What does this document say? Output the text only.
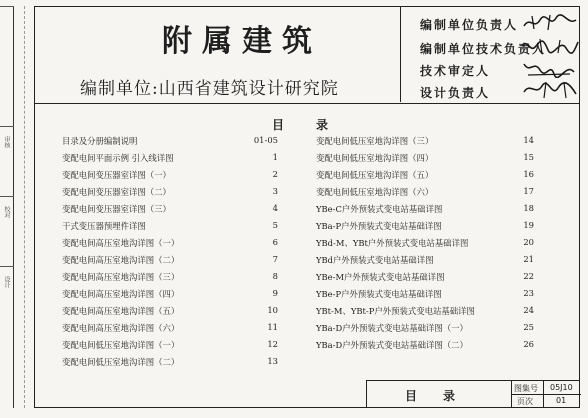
审核
校对
设计
附属建筑
编制单位:山西省建筑设计研究院
编制单位负责人
编制单位技术负责人
技术审定人
设计负责人
目	录
目录及分册编制说明	01-05
变配电间平面示例 引入线详图	1
变配电间变压器室详图（一）	2
变配电间变压器室详图（二）	3
变配电间变压器室详图（三）	4
干式变压器预埋件详图	5
变配电间高压室地沟详图（一）	6
变配电间高压室地沟详图（二）	7
变配电间高压室地沟详图（三）	8
变配电间高压室地沟详图（四）	9
变配电间高压室地沟详图（五）	10
变配电间高压室地沟详图（六）	11
变配电间低压室地沟详图（一）	12
变配电间低压室地沟详图（二）	13
变配电间低压室地沟详图（三）	14
变配电间低压室地沟详图（四）	15
变配电间低压室地沟详图（五）	16
变配电间低压室地沟详图（六）	17
YBe-C户外预装式变电站基础详图	18
YBa-P户外预装式变电站基础详图	19
YBd-M、YBt户外预装式变电站基础详图	20
YBd户外预装式变电站基础详图	21
YBe-M户外预装式变电站基础详图	22
YBe-P户外预装式变电站基础详图	23
YBt-M、YBt-P户外预装式变电站基础详图	24
YBa-D户外预装式变电站基础详图（一）	25
YBa-D户外预装式变电站基础详图（二）	26
目 录
图集号 05J10
页次	01
